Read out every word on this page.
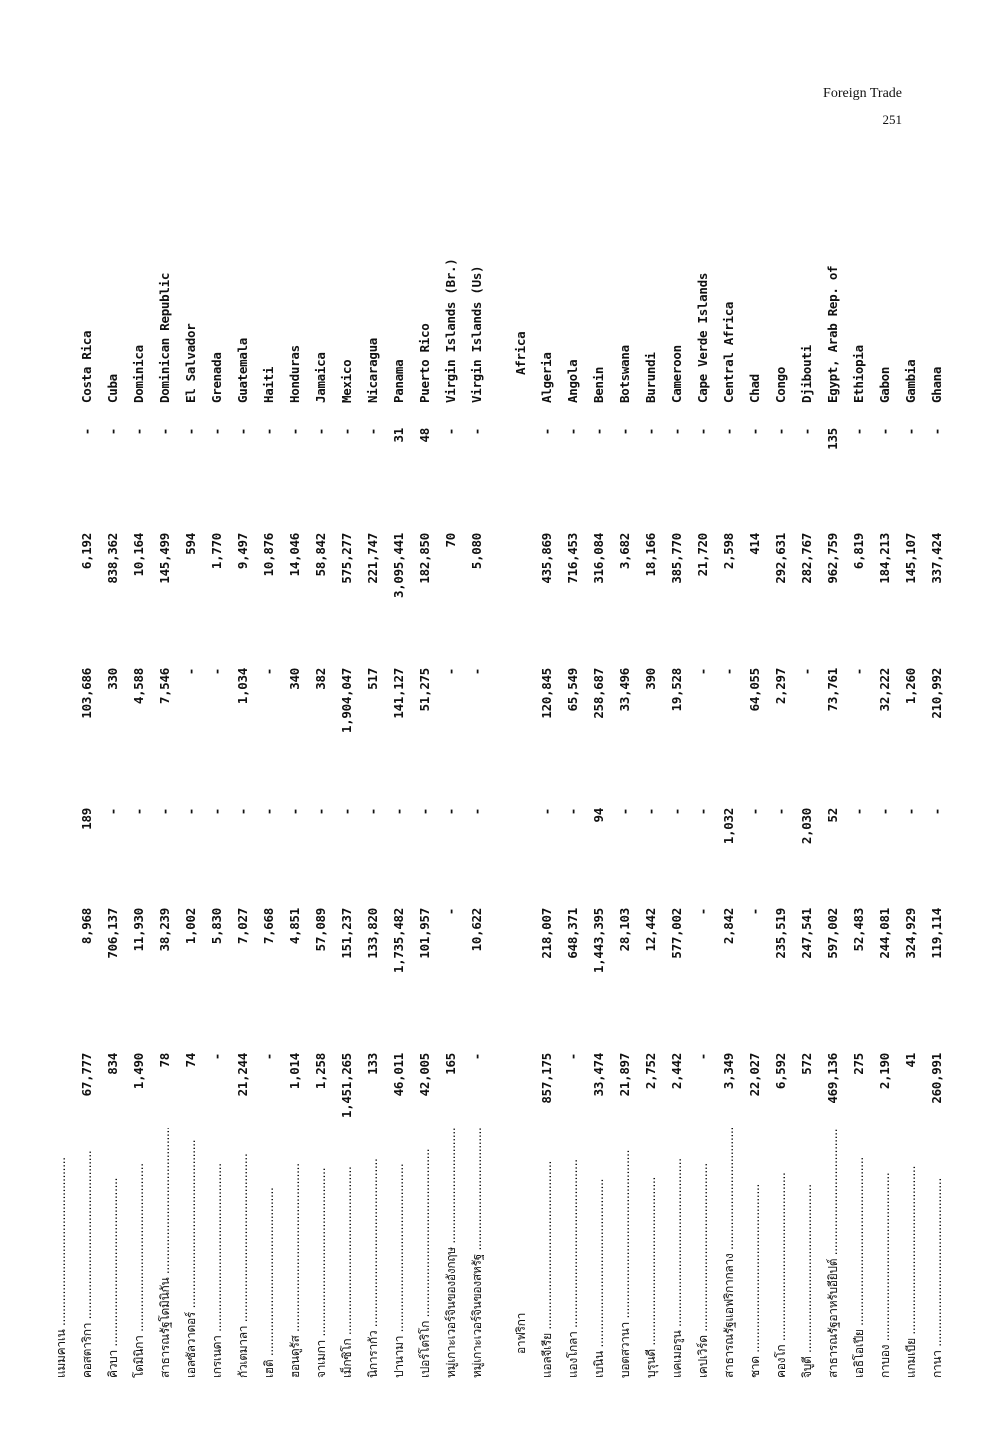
Foreign Trade
251
แมมคาเน .....	คอสตาริกา .....
67,777
8,968
189
103,686
6,192
-
Costa Rica
คิวบา .....
834
706,137
-
330
838,362
-
Cuba
โดมินิกา .....
1,490
11,930
-
4,588
10,164
-
Dominica
สาธารณรัฐโดมินิกัน .....
78
38,239
-
7,546
145,499
-
Dominican Republic
เอลซัลวาดอร์ .....
74
1,002
-
-
594
-
El Salvador
เกรเนดา .....
-
5,830
-
-
1,770
-
Grenada
กัวเตมาลา .....
21,244
7,027
-
1,034
9,497
-
Guatemala
เฮติ .....
-
7,668
-
-
10,876
-
Haiti
ฮอนดูรัส .....
1,014
4,851
-
340
14,046
-
Honduras
จาเมกา .....
1,258
57,089
-
382
58,842
-
Jamaica
เม็กซิโก .....
1,451,265
151,237
-
1,904,047
575,277
-
Mexico
นิการากัว .....
133
133,820
-
517
221,747
-
Nicaragua
ปานามา .....
46,011
1,735,482
-
141,127
3,095,441
31
Panama
เปอร์โตริโก .....
42,005
101,957
-
51,275
182,850
48
Puerto Rico
หมู่เกาะเวอร์จินของอังกฤษ .....
165
-
-
-
70
-
Virgin Islands (Br.)
หมู่เกาะเวอร์จินของสหรัฐ .....
-
10,622
-
-
5,080
-
Virgin Islands (Us)
อาฟริกา
Africa
แอลจีเรีย .....
857,175
218,007
-
120,845
435,869
-
Algeria
แองโกลา .....
-
648,371
-
65,549
716,453
-
Angola
เบนิน .....
33,474
1,443,395
94
258,687
316,084
-
Benin
บอตสวานา .....
21,897
28,103
-
33,496
3,682
-
Botswana
บุรุนดี .....
2,752
12,442
-
390
18,166
-
Burundi
แคเมอรูน .....
2,442
577,002
-
19,528
385,770
-
Cameroon
เคปเวิร์ด .....
-
-
-
-
21,720
-
Cape Verde Islands
สาธารณรัฐแอฟริกากลาง .....
3,349
2,842
1,032
-
2,598
-
Central Africa
ชาด .....
22,027
-
-
64,055
414
-
Chad
คองโก .....
6,592
235,519
-
2,297
292,631
-
Congo
จิบูตี .....
572
247,541
2,030
-
282,767
-
Djibouti
สาธารณรัฐอาหรับอียิปต์ .....
469,136
597,002
52
73,761
962,759
135
Egypt, Arab Rep. of
เอธิโอเปีย .....
275
52,483
-
-
6,819
-
Ethiopia
กาบอง .....
2,190
244,081
-
32,222
184,213
-
Gabon
แกมเบีย .....
41
324,929
-
1,260
145,107
-
Gambia
กานา .....
260,991
119,114
-
210,992
337,424
-
Ghana
